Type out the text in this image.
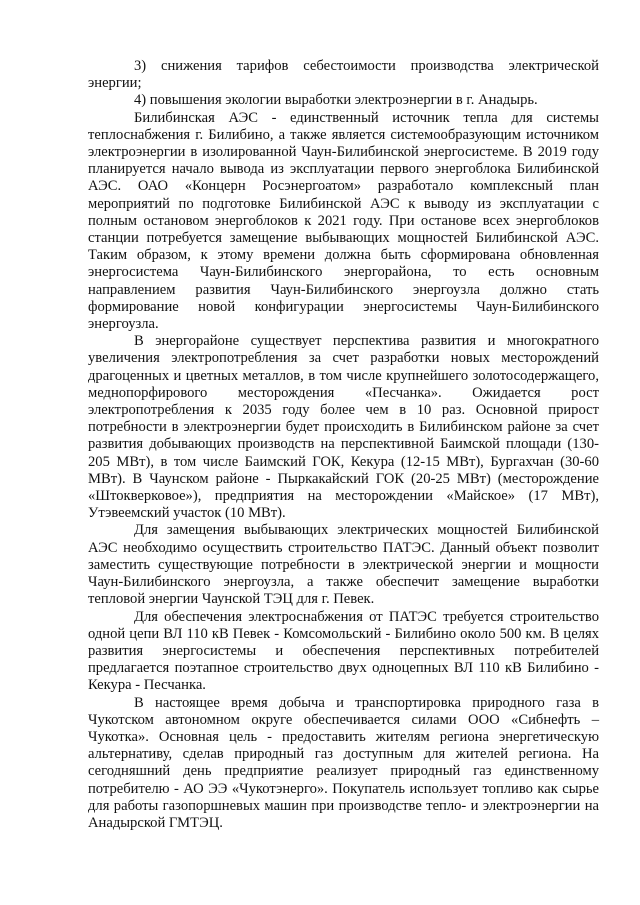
3) снижения тарифов себестоимости производства электрической энергии;

4) повышения экологии выработки электроэнергии в г. Анадырь.

Билибинская АЭС - единственный источник тепла для системы теплоснабжения г. Билибино, а также является системообразующим источником электроэнергии в изолированной Чаун-Билибинской энергосистеме. В 2019 году планируется начало вывода из эксплуатации первого энергоблока Билибинской АЭС. ОАО «Концерн Росэнергоатом» разработало комплексный план мероприятий по подготовке Билибинской АЭС к выводу из эксплуатации с полным остановом энергоблоков к 2021 году. При останове всех энергоблоков станции потребуется замещение выбывающих мощностей Билибинской АЭС. Таким образом, к этому времени должна быть сформирована обновленная энергосистема Чаун-Билибинского энергорайона, то есть основным направлением развития Чаун-Билибинского энергоузла должно стать формирование новой конфигурации энергосистемы Чаун-Билибинского энергоузла.

В энергорайоне существует перспектива развития и многократного увеличения электропотребления за счет разработки новых месторождений драгоценных и цветных металлов, в том числе крупнейшего золотосодержащего, меднопорфирового месторождения «Песчанка». Ожидается рост электропотребления к 2035 году более чем в 10 раз. Основной прирост потребности в электроэнергии будет происходить в Билибинском районе за счет развития добывающих производств на перспективной Баимской площади (130-205 МВт), в том числе Баимский ГОК, Кекура (12-15 МВт), Бургахчан (30-60 МВт). В Чаунском районе - Пыркакайский ГОК (20-25 МВт) (месторождение «Штокверковое»), предприятия на месторождении «Майское» (17 МВт), Утэвеемский участок (10 МВт).

Для замещения выбывающих электрических мощностей Билибинской АЭС необходимо осуществить строительство ПАТЭС. Данный объект позволит заместить существующие потребности в электрической энергии и мощности Чаун-Билибинского энергоузла, а также обеспечит замещение выработки тепловой энергии Чаунской ТЭЦ для г. Певек.

Для обеспечения электроснабжения от ПАТЭС требуется строительство одной цепи ВЛ 110 кВ Певек - Комсомольский - Билибино около 500 км. В целях развития энергосистемы и обеспечения перспективных потребителей предлагается поэтапное строительство двух одноцепных ВЛ 110 кВ Билибино - Кекура - Песчанка.

В настоящее время добыча и транспортировка природного газа в Чукотском автономном округе обеспечивается силами ООО «Сибнефть – Чукотка». Основная цель - предоставить жителям региона энергетическую альтернативу, сделав природный газ доступным для жителей региона. На сегодняшний день предприятие реализует природный газ единственному потребителю - АО ЭЭ «Чукотэнерго». Покупатель использует топливо как сырье для работы газопоршневых машин при производстве тепло- и электроэнергии на Анадырской ГМТЭЦ.
